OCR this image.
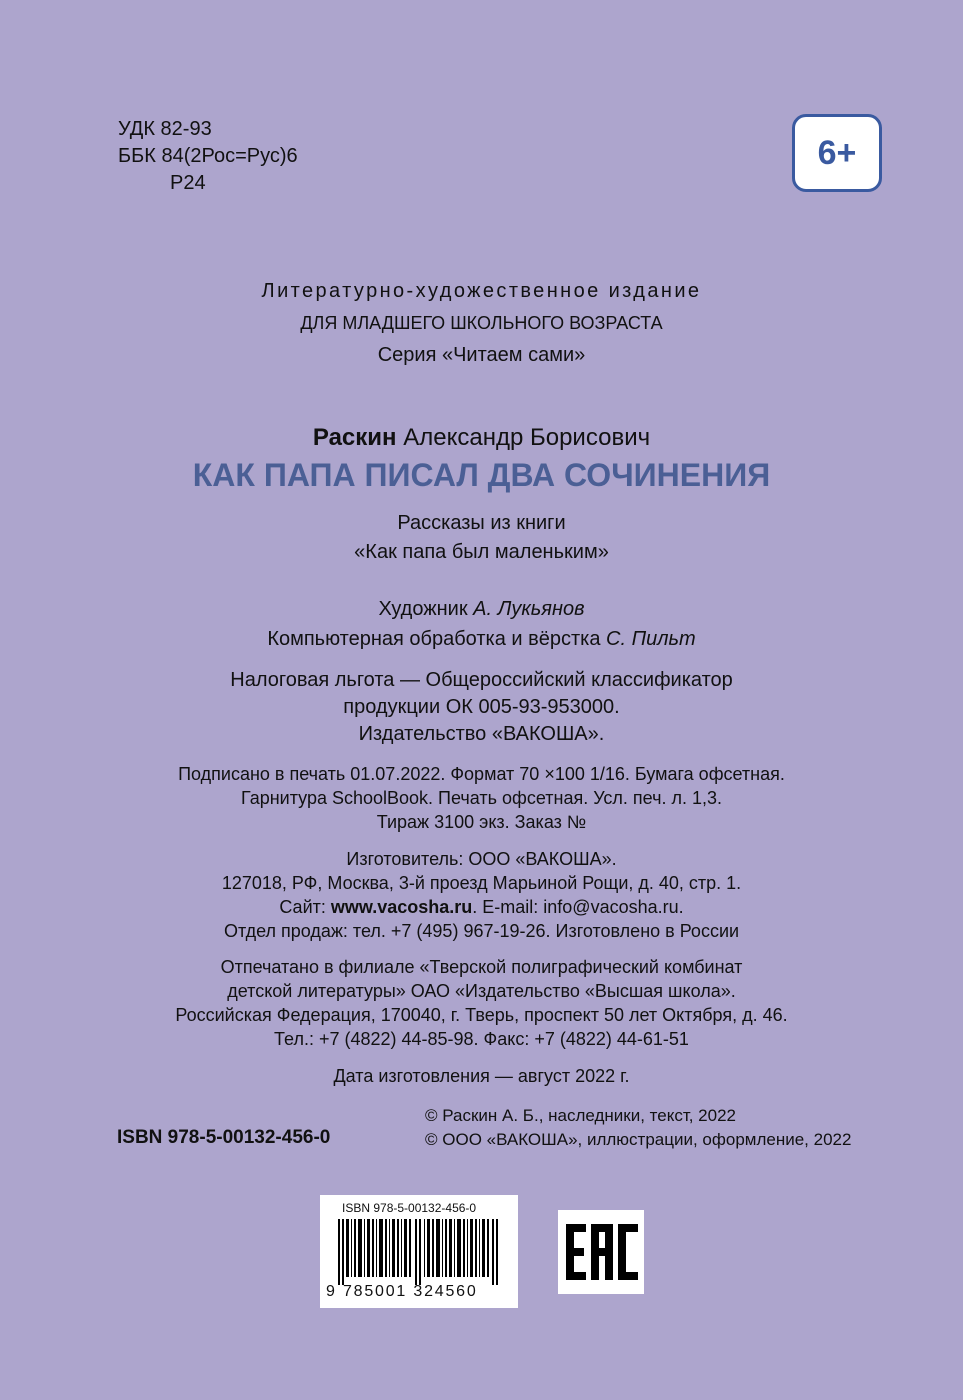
УДК 82-93
ББК 84(2Рос=Рус)6
Р24
6+
Литературно-художественное издание
ДЛЯ МЛАДШЕГО ШКОЛЬНОГО ВОЗРАСТА
Серия «Читаем сами»
Раскин Александр Борисович
КАК ПАПА ПИСАЛ ДВА СОЧИНЕНИЯ
Рассказы из книги
«Как папа был маленьким»
Художник А. Лукьянов
Компьютерная обработка и вёрстка С. Пильт
Налоговая льгота — Общероссийский классификатор
продукции ОК 005-93-953000.
Издательство «ВАКОША».
Подписано в печать 01.07.2022. Формат 70 ×100 1/16. Бумага офсетная.
Гарнитура SchoolBook. Печать офсетная. Усл. печ. л. 1,3.
Тираж 3100 экз. Заказ №
Изготовитель: ООО «ВАКОША».
127018, РФ, Москва, 3-й проезд Марьиной Рощи, д. 40, стр. 1.
Сайт: www.vacosha.ru. E-mail: info@vacosha.ru.
Отдел продаж: тел. +7 (495) 967-19-26. Изготовлено в России
Отпечатано в филиале «Тверской полиграфический комбинат
детской литературы» ОАО «Издательство «Высшая школа».
Российская Федерация, 170040, г. Тверь, проспект 50 лет Октября, д. 46.
Тел.: +7 (4822) 44-85-98. Факс: +7 (4822) 44-61-51
Дата изготовления — август 2022 г.
ISBN 978-5-00132-456-0
© Раскин А. Б., наследники, текст, 2022
© ООО «ВАКОША», иллюстрации, оформление, 2022
ISBN 978-5-00132-456-0
9 785001 324560
